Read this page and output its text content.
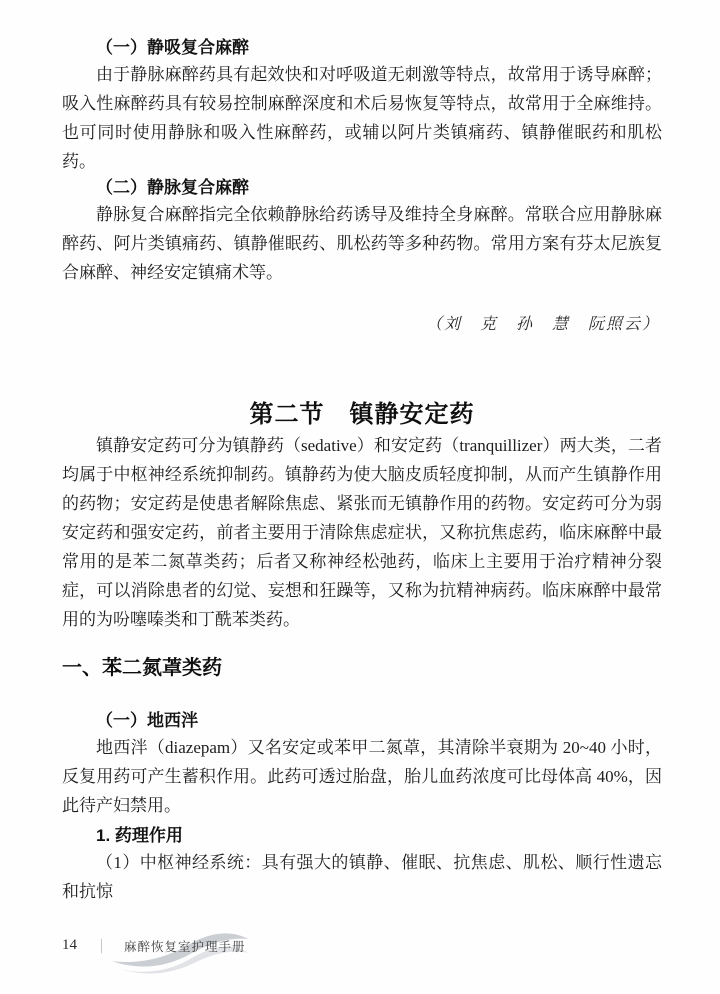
（一）静吸复合麻醉

由于静脉麻醉药具有起效快和对呼吸道无刺激等特点，故常用于诱导麻醉；吸入性麻醉药具有较易控制麻醉深度和术后易恢复等特点，故常用于全麻维持。也可同时使用静脉和吸入性麻醉药，或辅以阿片类镇痛药、镇静催眠药和肌松药。

（二）静脉复合麻醉

静脉复合麻醉指完全依赖静脉给药诱导及维持全身麻醉。常联合应用静脉麻醉药、阿片类镇痛药、镇静催眠药、肌松药等多种药物。常用方案有芬太尼族复合麻醉、神经安定镇痛术等。

（刘　克　孙　慧　阮照云）
第二节　镇静安定药

镇静安定药可分为镇静药（sedative）和安定药（tranquillizer）两大类，二者均属于中枢神经系统抑制药。镇静药为使大脑皮质轻度抑制，从而产生镇静作用的药物；安定药是使患者解除焦虑、紧张而无镇静作用的药物。安定药可分为弱安定药和强安定药，前者主要用于清除焦虑症状，又称抗焦虑药，临床麻醉中最常用的是苯二氮䓬类药；后者又称神经松弛药，临床上主要用于治疗精神分裂症，可以消除患者的幻觉、妄想和狂躁等，又称为抗精神病药。临床麻醉中最常用的为吩噻嗪类和丁酰苯类药。

一、苯二氮䓬类药
（一）地西泮

地西泮（diazepam）又名安定或苯甲二氮䓬，其清除半衰期为 20~40 小时，反复用药可产生蓄积作用。此药可透过胎盘，胎儿血药浓度可比母体高 40%，因此待产妇禁用。

1. 药理作用

（1）中枢神经系统：具有强大的镇静、催眠、抗焦虑、肌松、顺行性遗忘和抗惊

14 ｜ 麻醉恢复室护理手册
